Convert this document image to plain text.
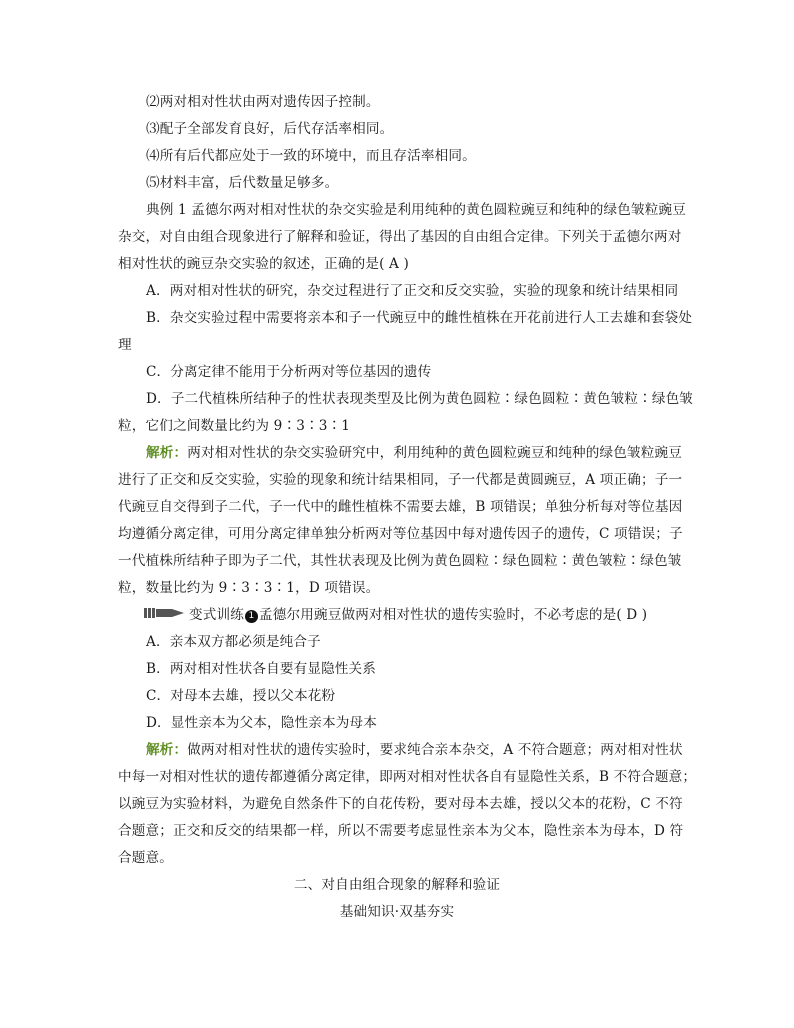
⑵两对相对性状由两对遗传因子控制。
⑶配子全部发育良好，后代存活率相同。
⑷所有后代都应处于一致的环境中，而且存活率相同。
⑸材料丰富，后代数量足够多。
典例 1 孟德尔两对相对性状的杂交实验是利用纯种的黄色圆粒豌豆和纯种的绿色皱粒豌豆
杂交，对自由组合现象进行了解释和验证，得出了基因的自由组合定律。下列关于孟德尔两对
相对性状的豌豆杂交实验的叙述，正确的是( A )
A．两对相对性状的研究，杂交过程进行了正交和反交实验，实验的现象和统计结果相同
B．杂交实验过程中需要将亲本和子一代豌豆中的雌性植株在开花前进行人工去雄和套袋处
理
C．分离定律不能用于分析两对等位基因的遗传
D．子二代植株所结种子的性状表现类型及比例为黄色圆粒∶绿色圆粒∶黄色皱粒∶绿色皱
粒，它们之间数量比约为 9∶3∶3∶1
解析：两对相对性状的杂交实验研究中，利用纯种的黄色圆粒豌豆和纯种的绿色皱粒豌豆
进行了正交和反交实验，实验的现象和统计结果相同，子一代都是黄圆豌豆，A 项正确；子一
代豌豆自交得到子二代，子一代中的雌性植株不需要去雄，B 项错误；单独分析每对等位基因
均遵循分离定律，可用分离定律单独分析两对等位基因中每对遗传因子的遗传，C 项错误；子
一代植株所结种子即为子二代，其性状表现及比例为黄色圆粒∶绿色圆粒∶黄色皱粒∶绿色皱
粒，数量比约为 9∶3∶3∶1，D 项错误。
变式训练 1 孟德尔用豌豆做两对相对性状的遗传实验时，不必考虑的是( D )
A．亲本双方都必须是纯合子
B．两对相对性状各自要有显隐性关系
C．对母本去雄，授以父本花粉
D．显性亲本为父本，隐性亲本为母本
解析：做两对相对性状的遗传实验时，要求纯合亲本杂交，A 不符合题意；两对相对性状
中每一对相对性状的遗传都遵循分离定律，即两对相对性状各自有显隐性关系，B 不符合题意；
以豌豆为实验材料，为避免自然条件下的自花传粉，要对母本去雄，授以父本的花粉，C 不符
合题意；正交和反交的结果都一样，所以不需要考虑显性亲本为父本，隐性亲本为母本，D 符
合题意。
二、对自由组合现象的解释和验证
基础知识·双基夯实
